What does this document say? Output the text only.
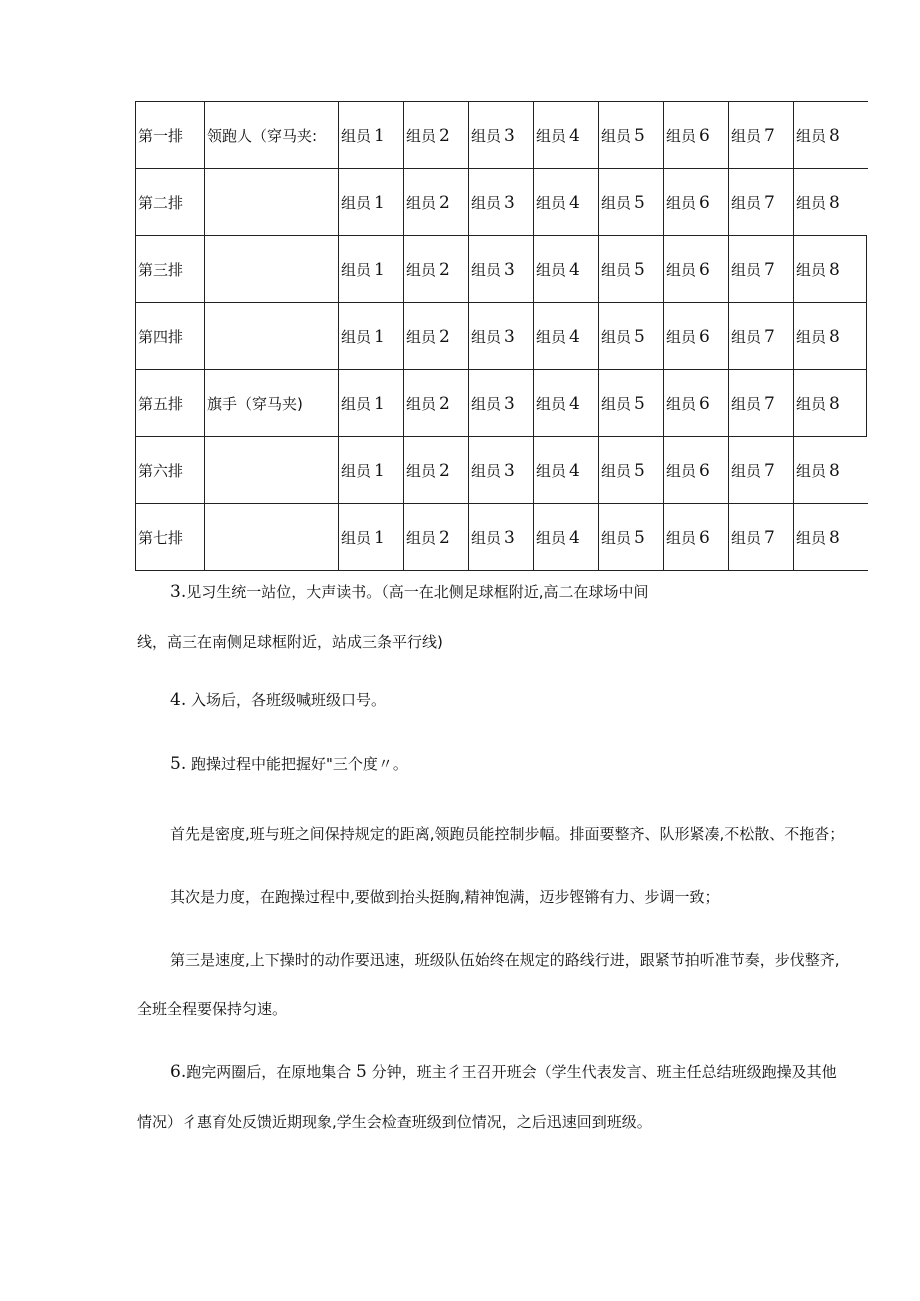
第一排	领跑人（穿马夹:	组员 1	组员 2	组员 3	组员 4	组员 5	组员 6	组员 7	组员 8	
第二排		组员 1	组员 2	组员 3	组员 4	组员 5	组员 6	组员 7	组员 8	
第三排		组员 1	组员 2	组员 3	组员 4	组员 5	组员 6	组员 7	组员 8	
第四排		组员 1	组员 2	组员 3	组员 4	组员 5	组员 6	组员 7	组员 8	
第五排	旗手（穿马夹)	组员 1	组员 2	组员 3	组员 4	组员 5	组员 6	组员 7	组员 8	
第六排		组员 1	组员 2	组员 3	组员 4	组员 5	组员 6	组员 7	组员 8	
第七排		组员 1	组员 2	组员 3	组员 4	组员 5	组员 6	组员 7	组员 8	

3.见习生统一站位，大声读书。（高一在北侧足球框附近,高二在球场中间

线，高三在南侧足球框附近，站成三条平行线)

4. 入场后，各班级喊班级口号。

5. 跑操过程中能把握好"三个度〃。

首先是密度,班与班之间保持规定的距离,领跑员能控制步幅。排面要整齐、队形紧凑,不松散、不拖沓；

其次是力度，在跑操过程中,要做到抬头挺胸,精神饱满，迈步铿锵有力、步调一致；

第三是速度,上下操时的动作要迅速，班级队伍始终在规定的路线行进，跟紧节拍听准节奏，步伐整齐,

全班全程要保持匀速。

6.跑完两圈后，在原地集合 5 分钟，班主彳王召开班会（学生代表发言、班主任总结班级跑操及其他

情况）彳惠育处反馈近期现象,学生会检查班级到位情况，之后迅速回到班级。
